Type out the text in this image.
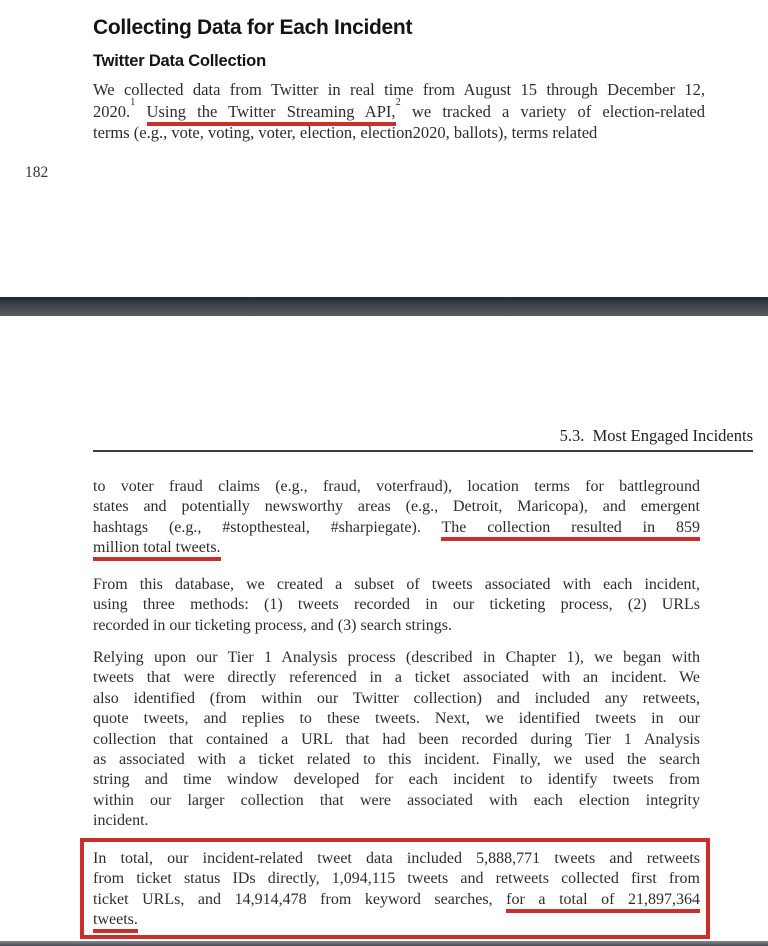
Collecting Data for Each Incident
Twitter Data Collection
We collected data from Twitter in real time from August 15 through December 12,
2020.$^1$ Using the Twitter Streaming API,$^2$ we tracked a variety of election-related
terms (e.g., vote, voting, voter, election, election2020, ballots), terms related
182
5.3.  Most Engaged Incidents
to voter fraud claims (e.g., fraud, voterfraud), location terms for battleground
states and potentially newsworthy areas (e.g., Detroit, Maricopa), and emergent
hashtags (e.g., #stopthesteal, #sharpiegate). The collection resulted in 859
million total tweets.
From this database, we created a subset of tweets associated with each incident,
using three methods: (1) tweets recorded in our ticketing process, (2) URLs
recorded in our ticketing process, and (3) search strings.
Relying upon our Tier 1 Analysis process (described in Chapter 1), we began with
tweets that were directly referenced in a ticket associated with an incident. We
also identified (from within our Twitter collection) and included any retweets,
quote tweets, and replies to these tweets. Next, we identified tweets in our
collection that contained a URL that had been recorded during Tier 1 Analysis
as associated with a ticket related to this incident. Finally, we used the search
string and time window developed for each incident to identify tweets from
within our larger collection that were associated with each election integrity
incident.
In total, our incident-related tweet data included 5,888,771 tweets and retweets
from ticket status IDs directly, 1,094,115 tweets and retweets collected first from
ticket URLs, and 14,914,478 from keyword searches, for a total of 21,897,364
tweets.
